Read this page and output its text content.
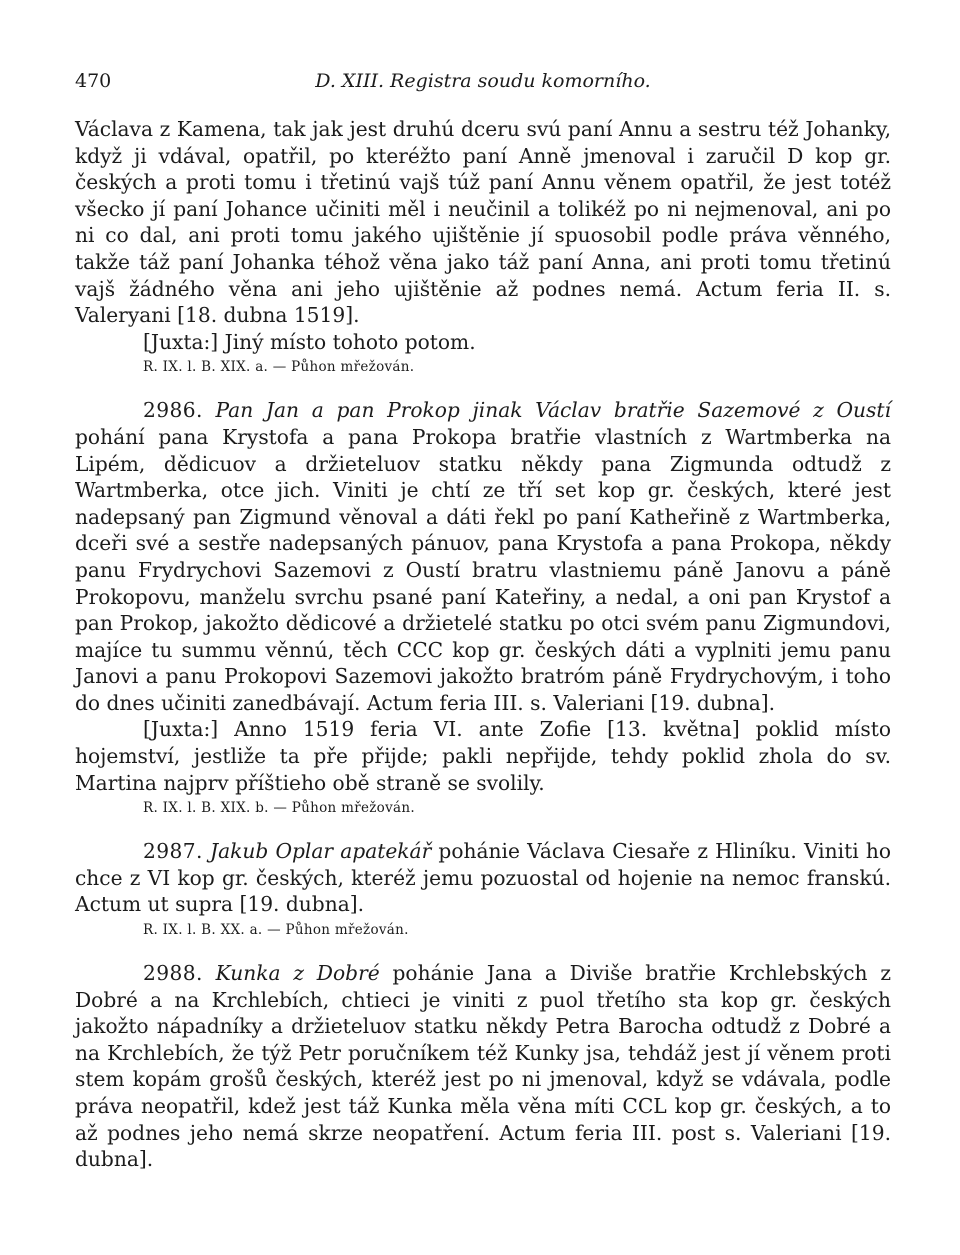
470	D. XIII. Registra soudu komorního.

Václava z Kamena, tak jak jest druhú dceru svú paní Annu a sestru též Johanky, když ji vdával, opatřil, po kteréžto paní Anně jmenoval i zaručil D kop gr. českých a proti tomu i třetinú vajš túž paní Annu věnem opatřil, že jest totéž všecko jí paní Johance učiniti měl i neučinil a tolikéž po ni nejmenoval, ani po ni co dal, ani proti tomu jakého ujištěnie jí spuosobil podle práva věnného, takže táž paní Johanka téhož věna jako táž paní Anna, ani proti tomu třetinú vajš žádného věna ani jeho ujištěnie až podnes nemá. Actum feria II. s. Valeryani [18. dubna 1519].

[Juxta:] Jiný místo tohoto potom.

R. IX. l. B. XIX. a. — Půhon mřežován.

2986. Pan Jan a pan Prokop jinak Václav bratřie Sazemové z Oustí pohání pana Krystofa a pana Prokopa bratřie vlastních z Wartmberka na Lipém, dědicuov a držieteluov statku někdy pana Zigmunda odtudž z Wartmberka, otce jich. Viniti je chtí ze tří set kop gr. českých, které jest nadepsaný pan Zigmund věnoval a dáti řekl po paní Katheřině z Wartmberka, dceři své a sestře nadepsaných pánuov, pana Krystofa a pana Prokopa, někdy panu Frydrychovi Sazemovi z Oustí bratru vlastniemu páně Janovu a páně Prokopovu, manželu svrchu psané paní Kateřiny, a nedal, a oni pan Krystof a pan Prokop, jakožto dědicové a držietelé statku po otci svém panu Zigmundovi, majíce tu summu věnnú, těch CCC kop gr. českých dáti a vyplniti jemu panu Janovi a panu Prokopovi Sazemovi jakožto bratróm páně Frydrychovým, i toho do dnes učiniti zanedbávají. Actum feria III. s. Valeriani [19. dubna].

[Juxta:] Anno 1519 feria VI. ante Zofie [13. května] poklid místo hojemství, jestliže ta pře přijde; pakli nepřijde, tehdy poklid zhola do sv. Martina najprv příštieho obě straně se svolily.

R. IX. l. B. XIX. b. — Půhon mřežován.

2987. Jakub Oplar apatekář pohánie Václava Ciesaře z Hliníku. Viniti ho chce z VI kop gr. českých, kteréž jemu pozuostal od hojenie na nemoc franskú. Actum ut supra [19. dubna].

R. IX. l. B. XX. a. — Půhon mřežován.

2988. Kunka z Dobré pohánie Jana a Diviše bratřie Krchlebských z Dobré a na Krchlebích, chtieci je viniti z puol třetího sta kop gr. českých jakožto nápadníky a držieteluov statku někdy Petra Barocha odtudž z Dobré a na Krchlebích, že týž Petr poručníkem též Kunky jsa, tehdáž jest jí věnem proti stem kopám grošů českých, kteréž jest po ni jmenoval, když se vdávala, podle práva neopatřil, kdež jest táž Kunka měla věna míti CCL kop gr. českých, a to až podnes jeho nemá skrze neopatření. Actum feria III. post s. Valeriani [19. dubna].
